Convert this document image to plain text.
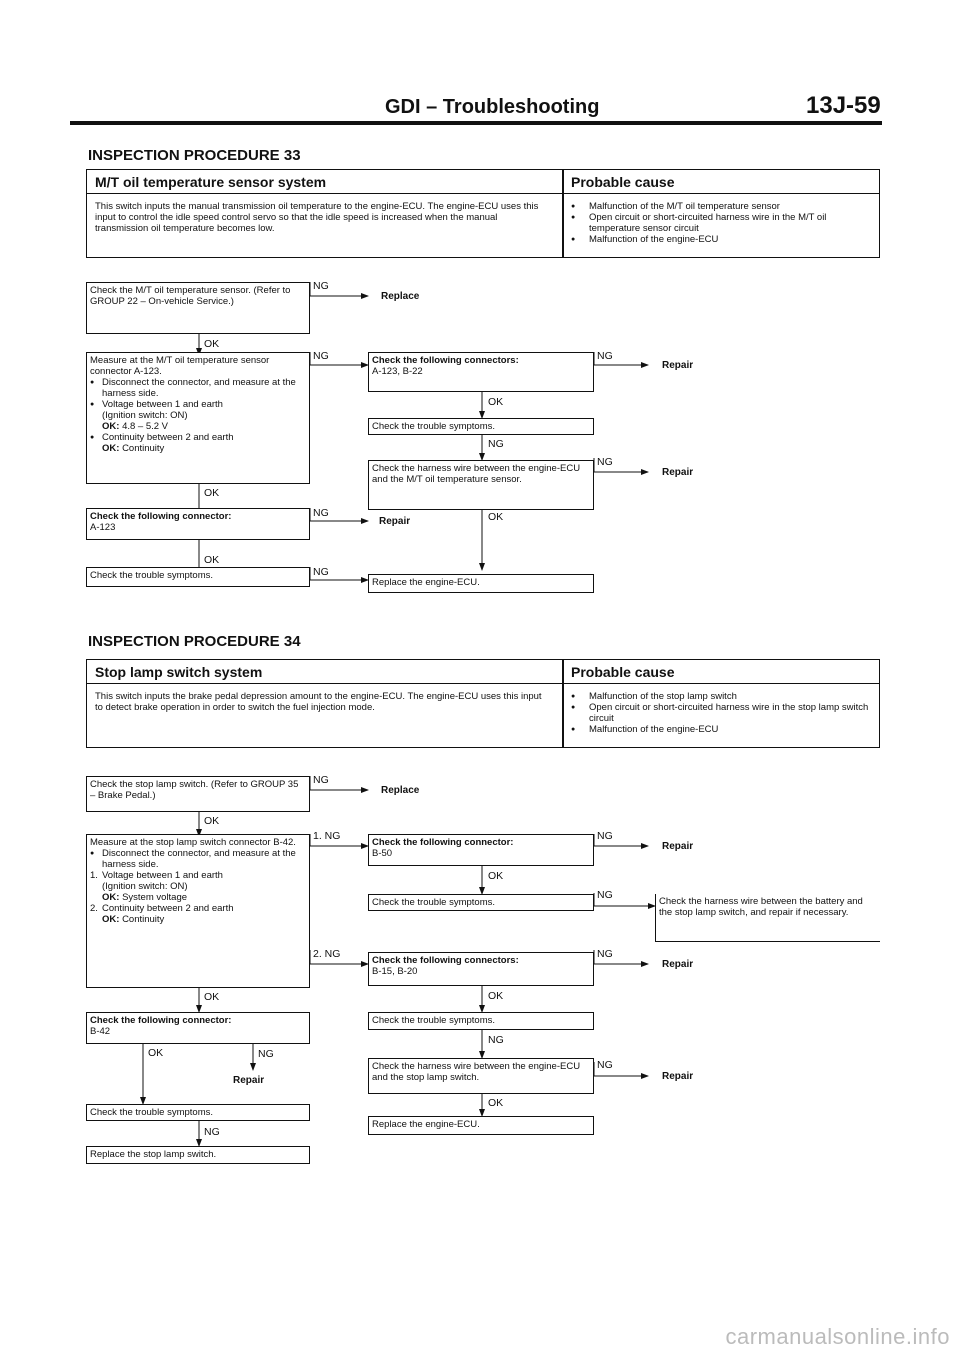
GDI – Troubleshooting	13J-59
INSPECTION PROCEDURE 33
M/T oil temperature sensor system	Probable cause
This switch inputs the manual transmission oil temperature to the engine-ECU. The engine-ECU uses this input to control the idle speed control servo so that the idle speed is increased when the manual transmission oil temperature becomes low.
● Malfunction of the M/T oil temperature sensor
● Open circuit or short-circuited harness wire in the M/T oil temperature sensor circuit
● Malfunction of the engine-ECU
Check the M/T oil temperature sensor. (Refer to GROUP 22 – On-vehicle Service.)
Measure at the M/T oil temperature sensor connector A-123.
● Disconnect the connector, and measure at the harness side.
● Voltage between 1 and earth
(Ignition switch: ON)
OK: 4.8 – 5.2 V
● Continuity between 2 and earth
OK: Continuity
Check the following connector:
A-123
Check the trouble symptoms.
Check the following connectors:
A-123, B-22
Check the trouble symptoms.
Check the harness wire between the engine-ECU and the M/T oil temperature sensor.
Replace the engine-ECU.
Replace
Repair
Repair
Repair
NG
NG
NG
NG
NG
NG
NG
OK
OK
OK
OK
OK
INSPECTION PROCEDURE 34
Stop lamp switch system	Probable cause
This switch inputs the brake pedal depression amount to the engine-ECU. The engine-ECU uses this input to detect brake operation in order to switch the fuel injection mode.
● Malfunction of the stop lamp switch
● Open circuit or short-circuited harness wire in the stop lamp switch circuit
● Malfunction of the engine-ECU
Check the stop lamp switch. (Refer to GROUP 35 – Brake Pedal.)
Measure at the stop lamp switch connector B-42.
● Disconnect the connector, and measure at the harness side.
1. Voltage between 1 and earth
(Ignition switch: ON)
OK: System voltage
2. Continuity between 2 and earth
OK: Continuity
Check the following connector:
B-42
Check the trouble symptoms.
Replace the stop lamp switch.
Check the following connector:
B-50
Check the trouble symptoms.	Check the harness wire between the battery and the stop lamp switch, and repair if necessary.
Check the following connectors:
B-15, B-20
Check the trouble symptoms.
Check the harness wire between the engine-ECU and the stop lamp switch.
Replace the engine-ECU.
Replace
Repair
Repair
Repair
Repair
NG
1. NG
2. NG
NG
NG
NG
NG
NG
NG
NG
OK
OK
OK
OK
OK
OK
carmanualsonline.info
